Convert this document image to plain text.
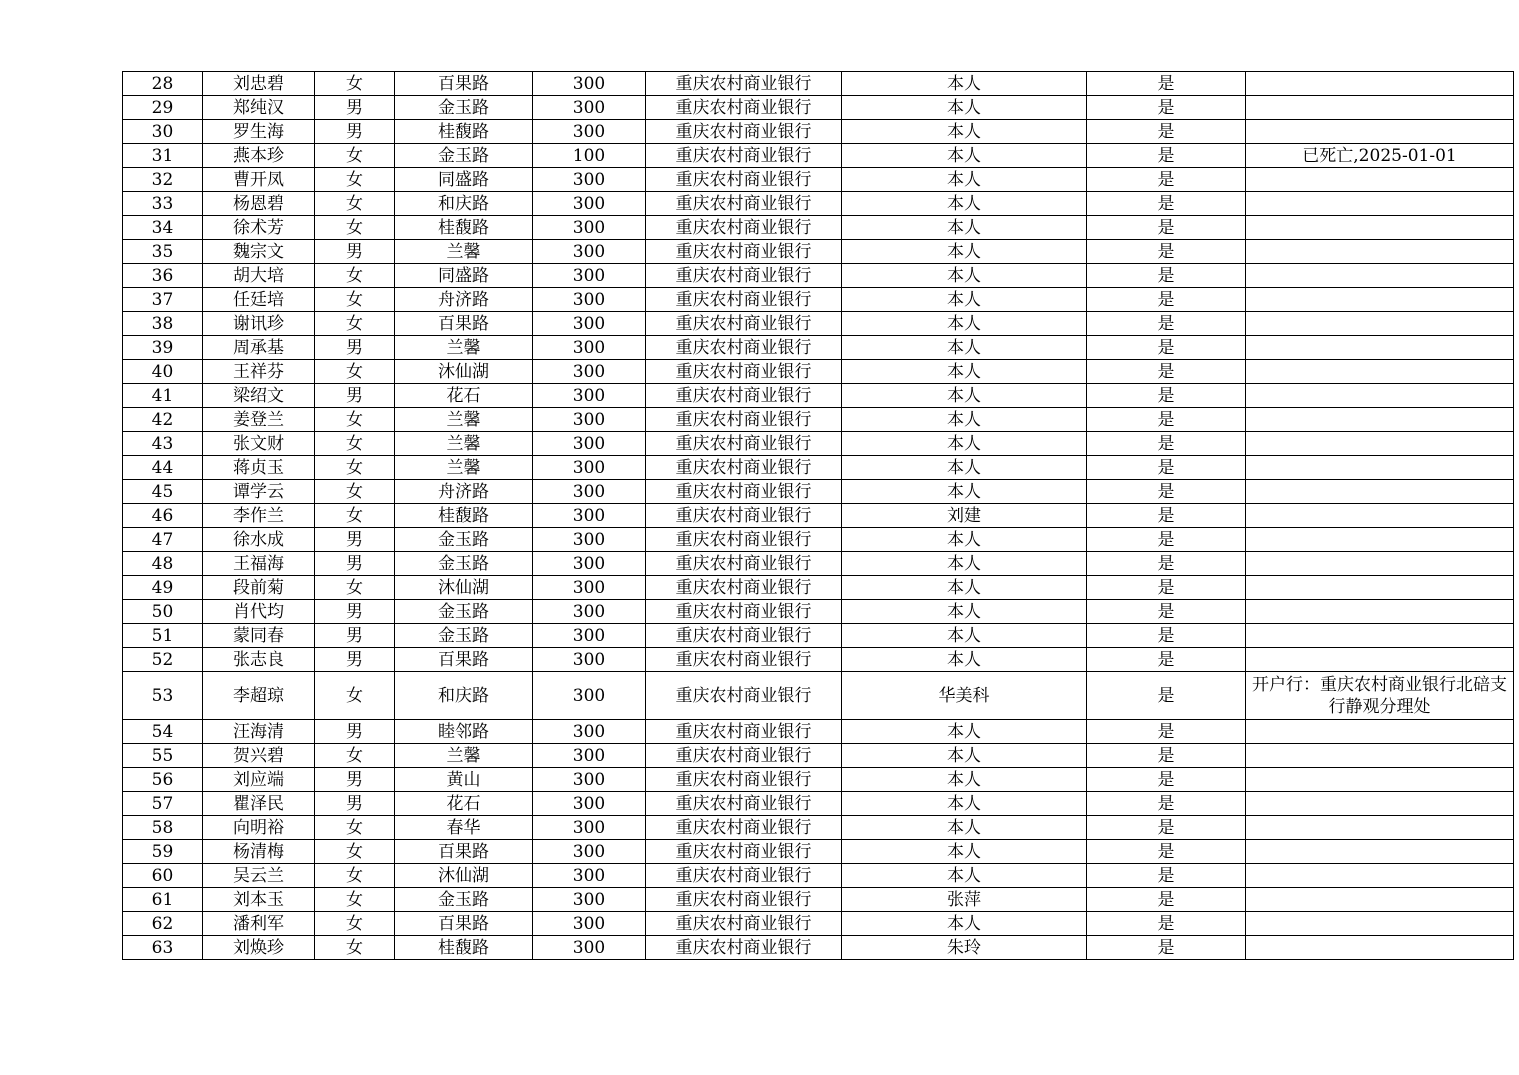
28	刘忠碧	女	百果路	300	重庆农村商业银行	本人	是	
29	郑纯汉	男	金玉路	300	重庆农村商业银行	本人	是	
30	罗生海	男	桂馥路	300	重庆农村商业银行	本人	是	
31	燕本珍	女	金玉路	100	重庆农村商业银行	本人	是	已死亡,2025-01-01
32	曹开凤	女	同盛路	300	重庆农村商业银行	本人	是	
33	杨恩碧	女	和庆路	300	重庆农村商业银行	本人	是	
34	徐术芳	女	桂馥路	300	重庆农村商业银行	本人	是	
35	魏宗文	男	兰馨	300	重庆农村商业银行	本人	是	
36	胡大培	女	同盛路	300	重庆农村商业银行	本人	是	
37	任廷培	女	舟济路	300	重庆农村商业银行	本人	是	
38	谢讯珍	女	百果路	300	重庆农村商业银行	本人	是	
39	周承基	男	兰馨	300	重庆农村商业银行	本人	是	
40	王祥芬	女	沐仙湖	300	重庆农村商业银行	本人	是	
41	梁绍文	男	花石	300	重庆农村商业银行	本人	是	
42	姜登兰	女	兰馨	300	重庆农村商业银行	本人	是	
43	张文财	女	兰馨	300	重庆农村商业银行	本人	是	
44	蒋贞玉	女	兰馨	300	重庆农村商业银行	本人	是	
45	谭学云	女	舟济路	300	重庆农村商业银行	本人	是	
46	李作兰	女	桂馥路	300	重庆农村商业银行	刘建	是	
47	徐水成	男	金玉路	300	重庆农村商业银行	本人	是	
48	王福海	男	金玉路	300	重庆农村商业银行	本人	是	
49	段前菊	女	沐仙湖	300	重庆农村商业银行	本人	是	
50	肖代均	男	金玉路	300	重庆农村商业银行	本人	是	
51	蒙同春	男	金玉路	300	重庆农村商业银行	本人	是	
52	张志良	男	百果路	300	重庆农村商业银行	本人	是	
53	李超琼	女	和庆路	300	重庆农村商业银行	华美科	是	开户行：重庆农村商业银行北碚支行静观分理处
54	汪海清	男	睦邻路	300	重庆农村商业银行	本人	是	
55	贺兴碧	女	兰馨	300	重庆农村商业银行	本人	是	
56	刘应端	男	黄山	300	重庆农村商业银行	本人	是	
57	瞿泽民	男	花石	300	重庆农村商业银行	本人	是	
58	向明裕	女	春华	300	重庆农村商业银行	本人	是	
59	杨清梅	女	百果路	300	重庆农村商业银行	本人	是	
60	吴云兰	女	沐仙湖	300	重庆农村商业银行	本人	是	
61	刘本玉	女	金玉路	300	重庆农村商业银行	张萍	是	
62	潘利军	女	百果路	300	重庆农村商业银行	本人	是	
63	刘焕珍	女	桂馥路	300	重庆农村商业银行	朱玲	是	
